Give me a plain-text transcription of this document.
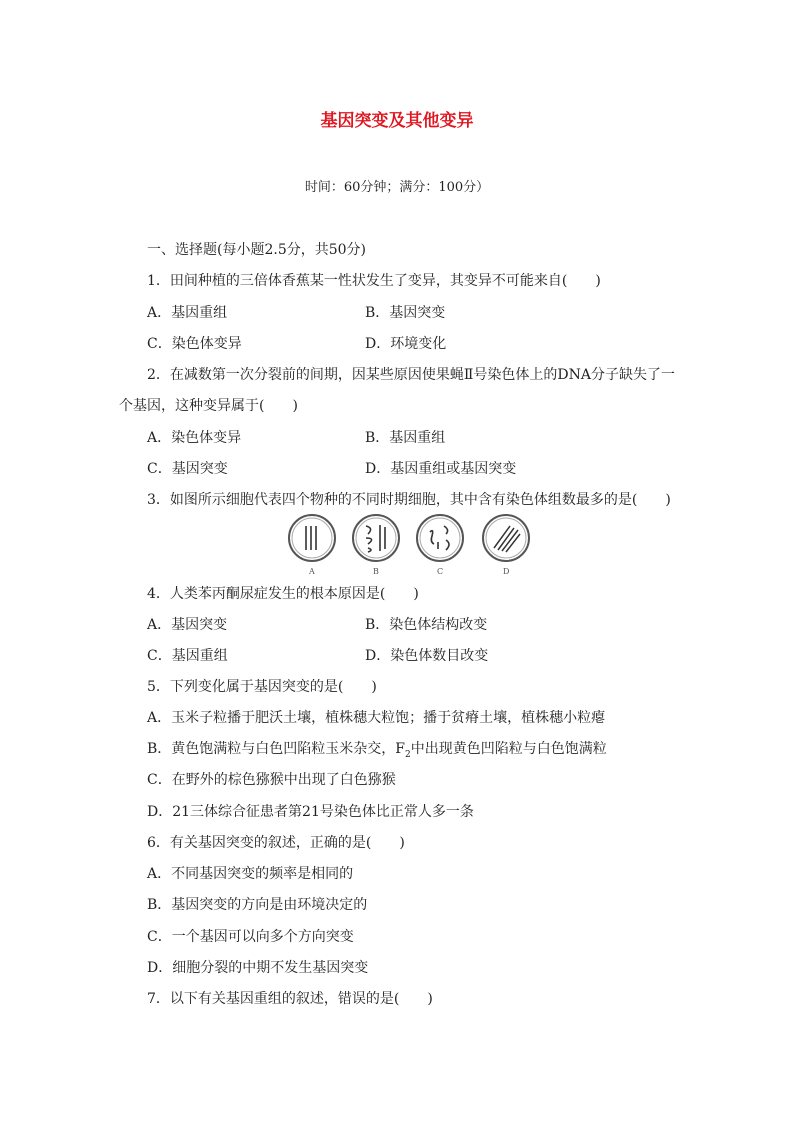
基因突变及其他变异
时间：60分钟；满分：100分）
一、选择题(每小题2.5分，共50分)
1．田间种植的三倍体香蕉某一性状发生了变异，其变异不可能来自(　　)
A．基因重组	B．基因突变
C．染色体变异	D．环境变化
2．在减数第一次分裂前的间期，因某些原因使果蝇Ⅱ号染色体上的DNA分子缺失了一
个基因，这种变异属于(　　)
A．染色体变异	B．基因重组
C．基因突变	D．基因重组或基因突变
3．如图所示细胞代表四个物种的不同时期细胞，其中含有染色体组数最多的是(　　)
A	B	C	D
4．人类苯丙酮尿症发生的根本原因是(　　)
A．基因突变	B．染色体结构改变
C．基因重组	D．染色体数目改变
5．下列变化属于基因突变的是(　　)
A．玉米子粒播于肥沃土壤，植株穗大粒饱；播于贫瘠土壤，植株穗小粒瘪
B．黄色饱满粒与白色凹陷粒玉米杂交，$F_2$中出现黄色凹陷粒与白色饱满粒
C．在野外的棕色猕猴中出现了白色猕猴
D．21三体综合征患者第21号染色体比正常人多一条
6．有关基因突变的叙述，正确的是(　　)
A．不同基因突变的频率是相同的
B．基因突变的方向是由环境决定的
C．一个基因可以向多个方向突变
D．细胞分裂的中期不发生基因突变
7．以下有关基因重组的叙述，错误的是(　　)
